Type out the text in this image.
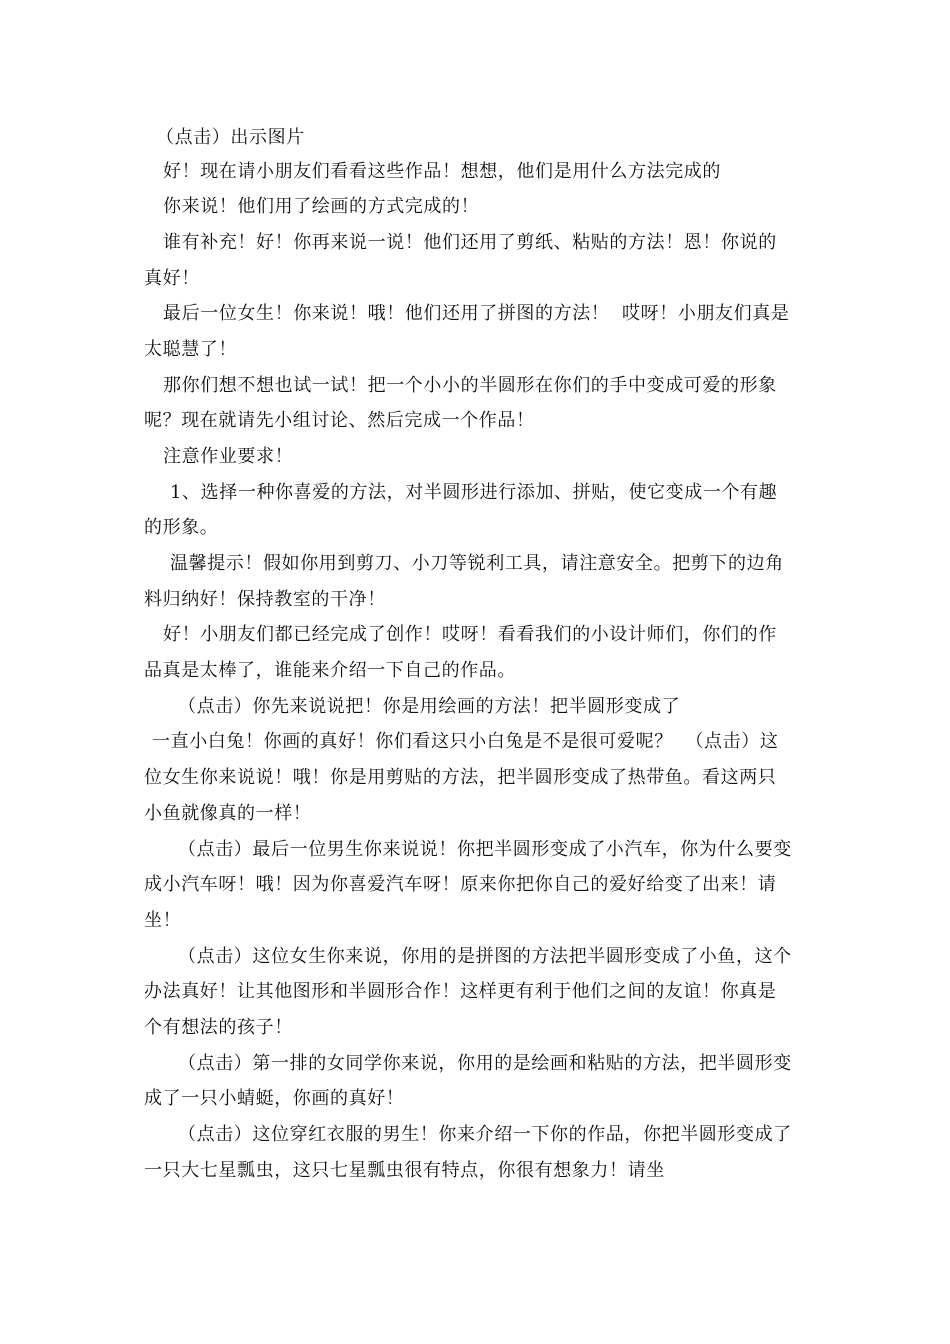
（点击）出示图片
好！现在请小朋友们看看这些作品！想想，他们是用什么方法完成的
你来说！他们用了绘画的方式完成的！
谁有补充！好！你再来说一说！他们还用了剪纸、粘贴的方法！恩！你说的
真好！
最后一位女生！你来说！哦！他们还用了拼图的方法！  哎呀！小朋友们真是
太聪慧了！
那你们想不想也试一试！把一个小小的半圆形在你们的手中变成可爱的形象
呢？现在就请先小组讨论、然后完成一个作品！
注意作业要求！
1、选择一种你喜爱的方法，对半圆形进行添加、拼贴，使它变成一个有趣
的形象。
温馨提示！假如你用到剪刀、小刀等锐利工具，请注意安全。把剪下的边角
料归纳好！保持教室的干净！
好！小朋友们都已经完成了创作！哎呀！看看我们的小设计师们，你们的作
品真是太棒了，谁能来介绍一下自己的作品。
（点击）你先来说说把！你是用绘画的方法！把半圆形变成了
一直小白兔！你画的真好！你们看这只小白兔是不是很可爱呢？  （点击）这
位女生你来说说！哦！你是用剪贴的方法，把半圆形变成了热带鱼。看这两只
小鱼就像真的一样！
（点击）最后一位男生你来说说！你把半圆形变成了小汽车，你为什么要变
成小汽车呀！哦！因为你喜爱汽车呀！原来你把你自己的爱好给变了出来！请
坐！
（点击）这位女生你来说，你用的是拼图的方法把半圆形变成了小鱼，这个
办法真好！让其他图形和半圆形合作！这样更有利于他们之间的友谊！你真是
个有想法的孩子！
（点击）第一排的女同学你来说，你用的是绘画和粘贴的方法，把半圆形变
成了一只小蜻蜓，你画的真好！
（点击）这位穿红衣服的男生！你来介绍一下你的作品，你把半圆形变成了
一只大七星瓢虫，这只七星瓢虫很有特点，你很有想象力！请坐
